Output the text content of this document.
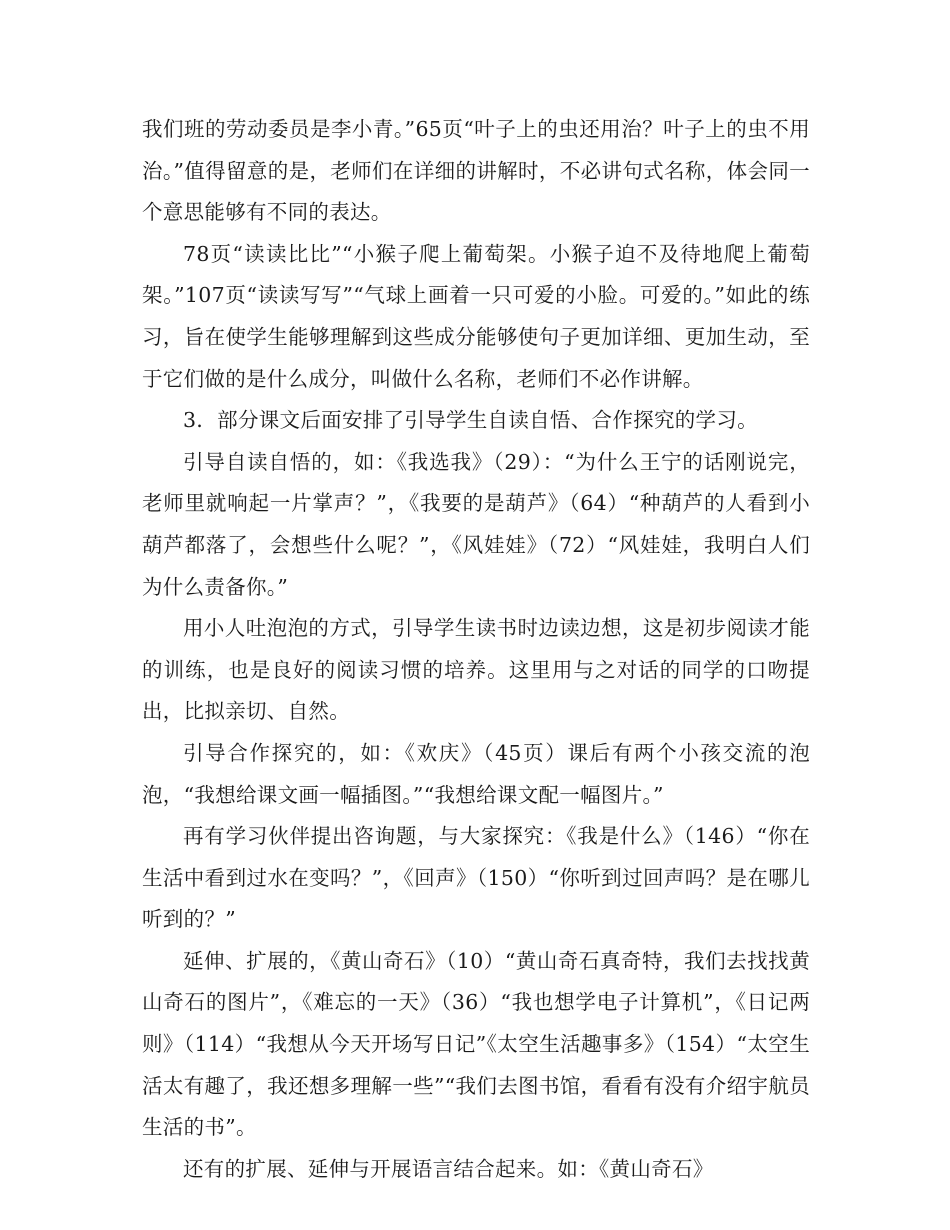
我们班的劳动委员是李小青。”65页“叶子上的虫还用治？叶子上的虫不用治。”值得留意的是，老师们在详细的讲解时，不必讲句式名称，体会同一个意思能够有不同的表达。

78页“读读比比”“小猴子爬上葡萄架。小猴子迫不及待地爬上葡萄架。”107页“读读写写”“气球上画着一只可爱的小脸。可爱的。”如此的练习，旨在使学生能够理解到这些成分能够使句子更加详细、更加生动，至于它们做的是什么成分，叫做什么名称，老师们不必作讲解。

3．部分课文后面安排了引导学生自读自悟、合作探究的学习。

引导自读自悟的，如：《我选我》（29）：“为什么王宁的话刚说完，老师里就响起一片掌声？”，《我要的是葫芦》（64）“种葫芦的人看到小葫芦都落了，会想些什么呢？”，《风娃娃》（72）“风娃娃，我明白人们为什么责备你。”

用小人吐泡泡的方式，引导学生读书时边读边想，这是初步阅读才能的训练，也是良好的阅读习惯的培养。这里用与之对话的同学的口吻提出，比拟亲切、自然。

引导合作探究的，如：《欢庆》（45页）课后有两个小孩交流的泡泡，“我想给课文画一幅插图。”“我想给课文配一幅图片。”

再有学习伙伴提出咨询题，与大家探究：《我是什么》（146）“你在生活中看到过水在变吗？”，《回声》（150）“你听到过回声吗？是在哪儿听到的？”

延伸、扩展的，《黄山奇石》（10）“黄山奇石真奇特，我们去找找黄山奇石的图片”，《难忘的一天》（36）“我也想学电子计算机”，《日记两则》（114）“我想从今天开场写日记”《太空生活趣事多》（154）“太空生活太有趣了，我还想多理解一些”“我们去图书馆，看看有没有介绍宇航员生活的书”。

还有的扩展、延伸与开展语言结合起来。如：《黄山奇石》
